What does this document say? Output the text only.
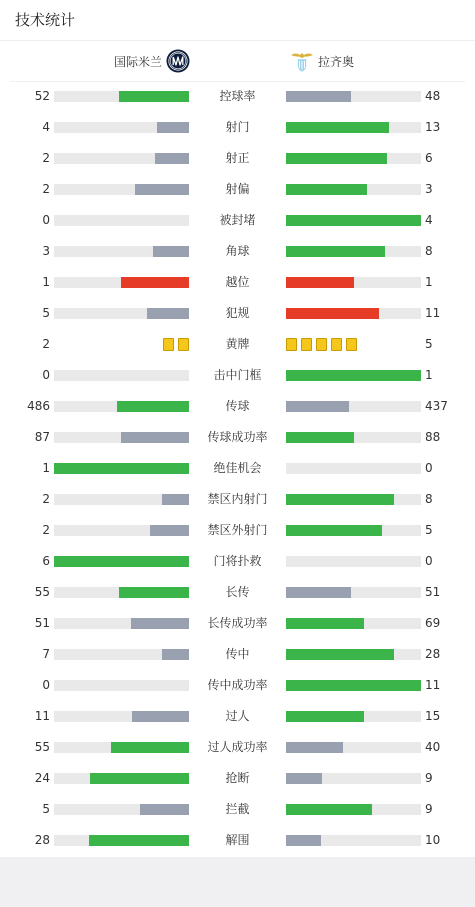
技术统计
国际米兰	拉齐奥
52	控球率	48
4	射门	13
2	射正	6
2	射偏	3
0	被封堵	4
3	角球	8
1	越位	1
5	犯规	11
2	黄牌	5
0	击中门框	1
486	传球	437
87	传球成功率	88
1	绝佳机会	0
2	禁区内射门	8
2	禁区外射门	5
6	门将扑救	0
55	长传	51
51	长传成功率	69
7	传中	28
0	传中成功率	11
11	过人	15
55	过人成功率	40
24	抢断	9
5	拦截	9
28	解围	10
